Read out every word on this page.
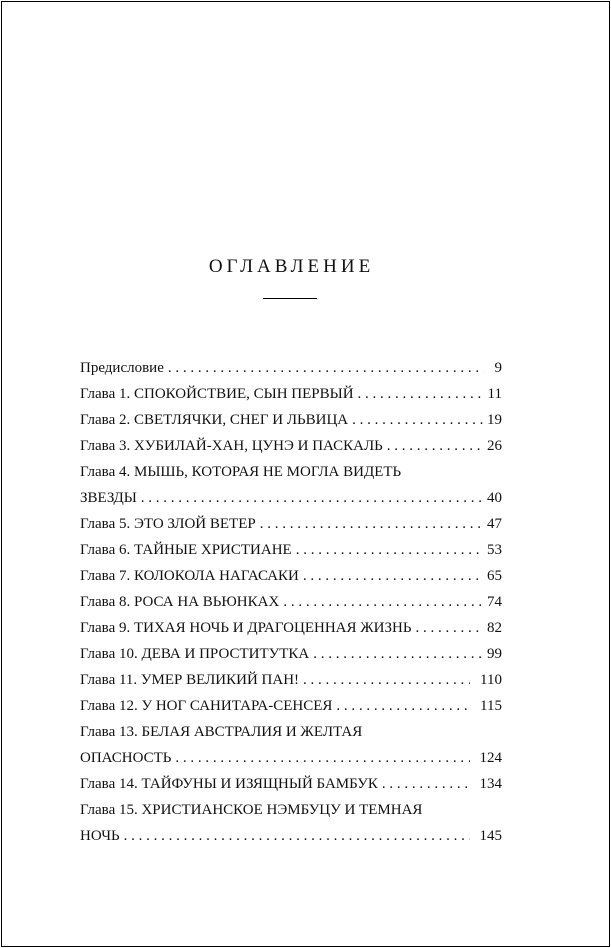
ОГЛАВЛЕНИЕ
Предисловие . . .	9
Глава 1. СПОКОЙСТВИЕ, СЫН ПЕРВЫЙ . . .	11
Глава 2. СВЕТЛЯЧКИ, СНЕГ И ЛЬВИЦА . . .	19
Глава 3. ХУБИЛАЙ-ХАН, ЦУНЭ И ПАСКАЛЬ . . .	26
Глава 4. МЫШЬ, КОТОРАЯ НЕ МОГЛА ВИДЕТЬ
ЗВЕЗДЫ . . .	40
Глава 5. ЭТО ЗЛОЙ ВЕТЕР . . .	47
Глава 6. ТАЙНЫЕ ХРИСТИАНЕ . . .	53
Глава 7. КОЛОКОЛА НАГАСАКИ . . .	65
Глава 8. РОСА НА ВЬЮНКАХ . . .	74
Глава 9. ТИХАЯ НОЧЬ И ДРАГОЦЕННАЯ ЖИЗНЬ . . .	82
Глава 10. ДЕВА И ПРОСТИТУТКА . . .	99
Глава 11. УМЕР ВЕЛИКИЙ ПАН! . . .	110
Глава 12. У НОГ САНИТАРА-СЕНСЕЯ . . .	115
Глава 13. БЕЛАЯ АВСТРАЛИЯ И ЖЕЛТАЯ
ОПАСНОСТЬ . . .	124
Глава 14. ТАЙФУНЫ И ИЗЯЩНЫЙ БАМБУК . . .	134
Глава 15. ХРИСТИАНСКОЕ НЭМБУЦУ И ТЕМНАЯ
НОЧЬ . . .	145
